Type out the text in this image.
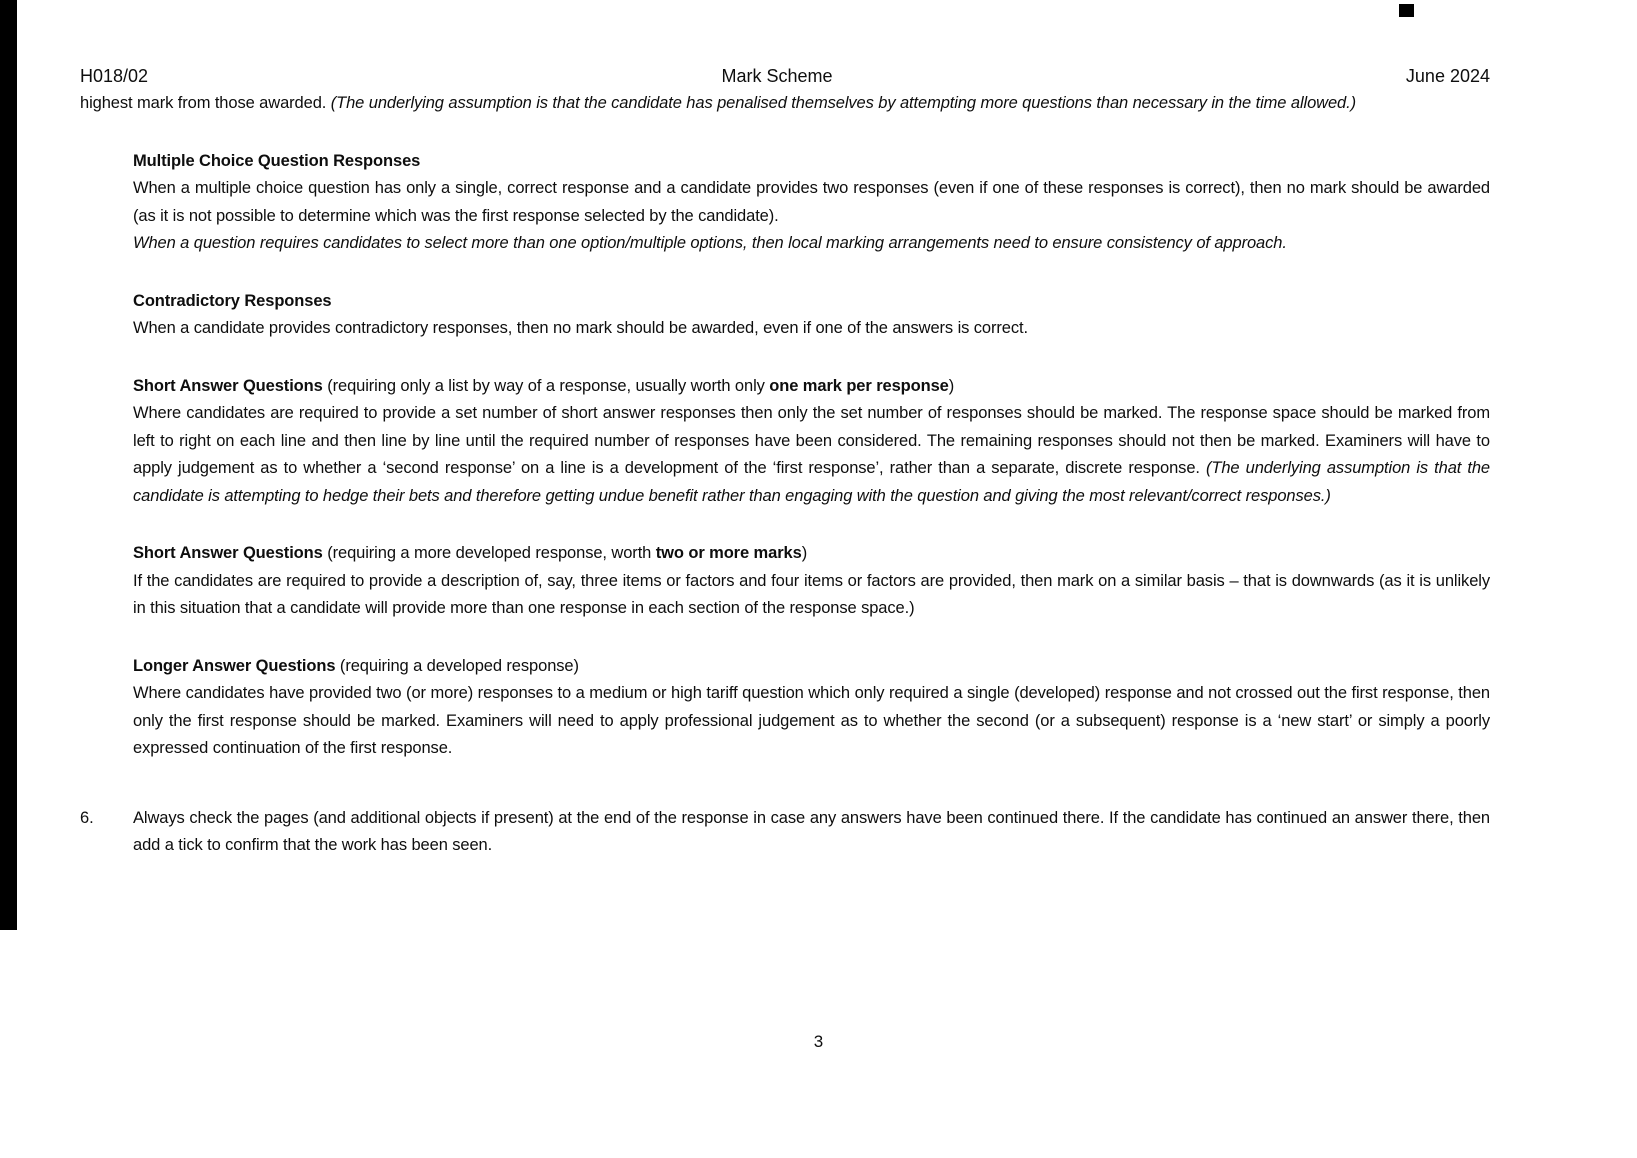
H018/02	Mark Scheme	June 2024

highest mark from those awarded. (The underlying assumption is that the candidate has penalised themselves by attempting more questions than necessary in the time allowed.)

Multiple Choice Question Responses

When a multiple choice question has only a single, correct response and a candidate provides two responses (even if one of these responses is correct), then no mark should be awarded (as it is not possible to determine which was the first response selected by the candidate).

When a question requires candidates to select more than one option/multiple options, then local marking arrangements need to ensure consistency of approach.

Contradictory Responses

When a candidate provides contradictory responses, then no mark should be awarded, even if one of the answers is correct.

Short Answer Questions (requiring only a list by way of a response, usually worth only one mark per response)

Where candidates are required to provide a set number of short answer responses then only the set number of responses should be marked. The response space should be marked from left to right on each line and then line by line until the required number of responses have been considered. The remaining responses should not then be marked. Examiners will have to apply judgement as to whether a ‘second response’ on a line is a development of the ‘first response’, rather than a separate, discrete response. (The underlying assumption is that the candidate is attempting to hedge their bets and therefore getting undue benefit rather than engaging with the question and giving the most relevant/correct responses.)

Short Answer Questions (requiring a more developed response, worth two or more marks)

If the candidates are required to provide a description of, say, three items or factors and four items or factors are provided, then mark on a similar basis – that is downwards (as it is unlikely in this situation that a candidate will provide more than one response in each section of the response space.)

Longer Answer Questions (requiring a developed response)

Where candidates have provided two (or more) responses to a medium or high tariff question which only required a single (developed) response and not crossed out the first response, then only the first response should be marked. Examiners will need to apply professional judgement as to whether the second (or a subsequent) response is a ‘new start’ or simply a poorly expressed continuation of the first response.

6.	Always check the pages (and additional objects if present) at the end of the response in case any answers have been continued there. If the candidate has continued an answer there, then add a tick to confirm that the work has been seen.
3
